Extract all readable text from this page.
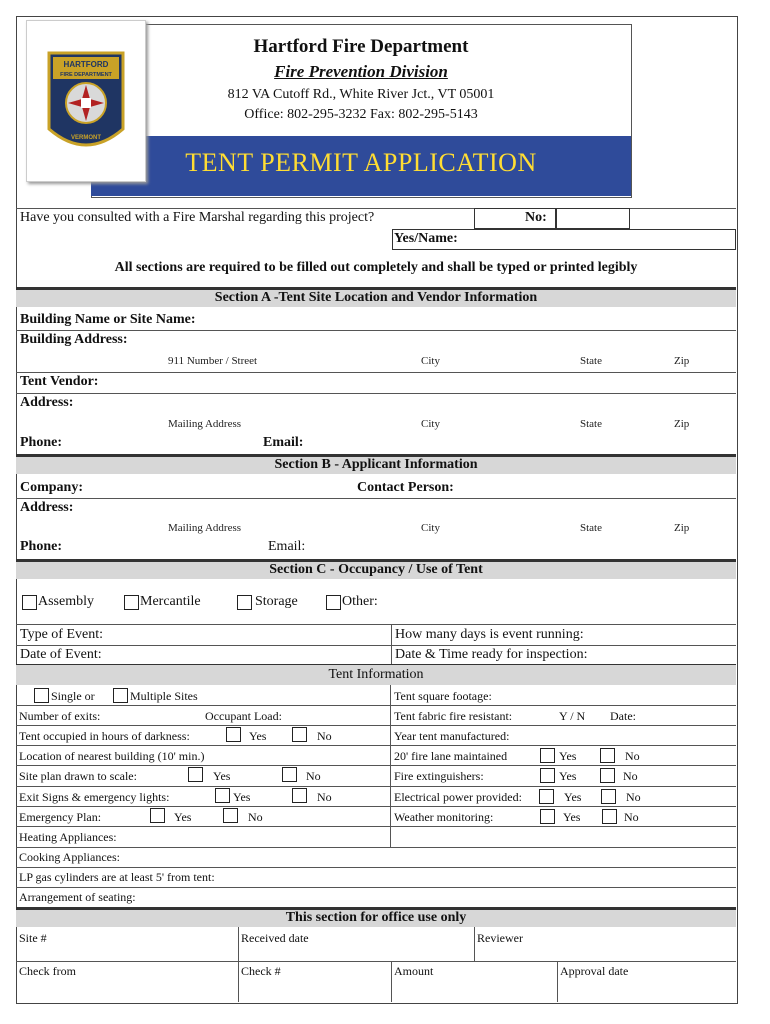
TENT PERMIT APPLICATION
HARTFORD
FIRE DEPARTMENT
VERMONT
Hartford Fire Department
Fire Prevention Division
812 VA Cutoff Rd., White River Jct., VT 05001
Office: 802-295-3232 Fax: 802-295-5143
Have you consulted with a Fire Marshal regarding this project?	No:
Yes/Name:
All sections are required to be filled out completely and shall be typed or printed legibly
Section A -Tent Site Location and Vendor Information
Building Name or Site Name:
Building Address:
911 Number / Street	City	State	Zip
Tent Vendor:
Address:
Mailing Address	City	State	Zip
Phone:	Email:
Section B - Applicant Information
Company:	Contact Person:
Address:
Mailing Address	City	State	Zip
Phone:	Email:
Section C - Occupancy / Use of Tent
Assembly	Mercantile	Storage	Other:
Type of Event:	How many days is event running:
Date of Event:	Date & Time ready for inspection:
Tent Information
Single or	Multiple Sites	Tent square footage:
Number of exits:	Occupant Load:	Tent fabric fire resistant:	Y / N Date:
Tent occupied in hours of darkness:	Yes	No	Year tent manufactured:
Location of nearest building (10' min.)	20' fire lane maintained	Yes	No
Site plan drawn to scale:	Yes	No	Fire extinguishers:	Yes	No
Exit Signs & emergency lights:	Yes	No	Electrical power provided:	Yes	No
Emergency Plan:	Yes	No	Weather monitoring:	Yes	No
Heating Appliances:
Cooking Appliances:
LP gas cylinders are at least 5' from tent:
Arrangement of seating:
This section for office use only
Site #	Received date	Reviewer
Check from	Check #	Amount	Approval date
